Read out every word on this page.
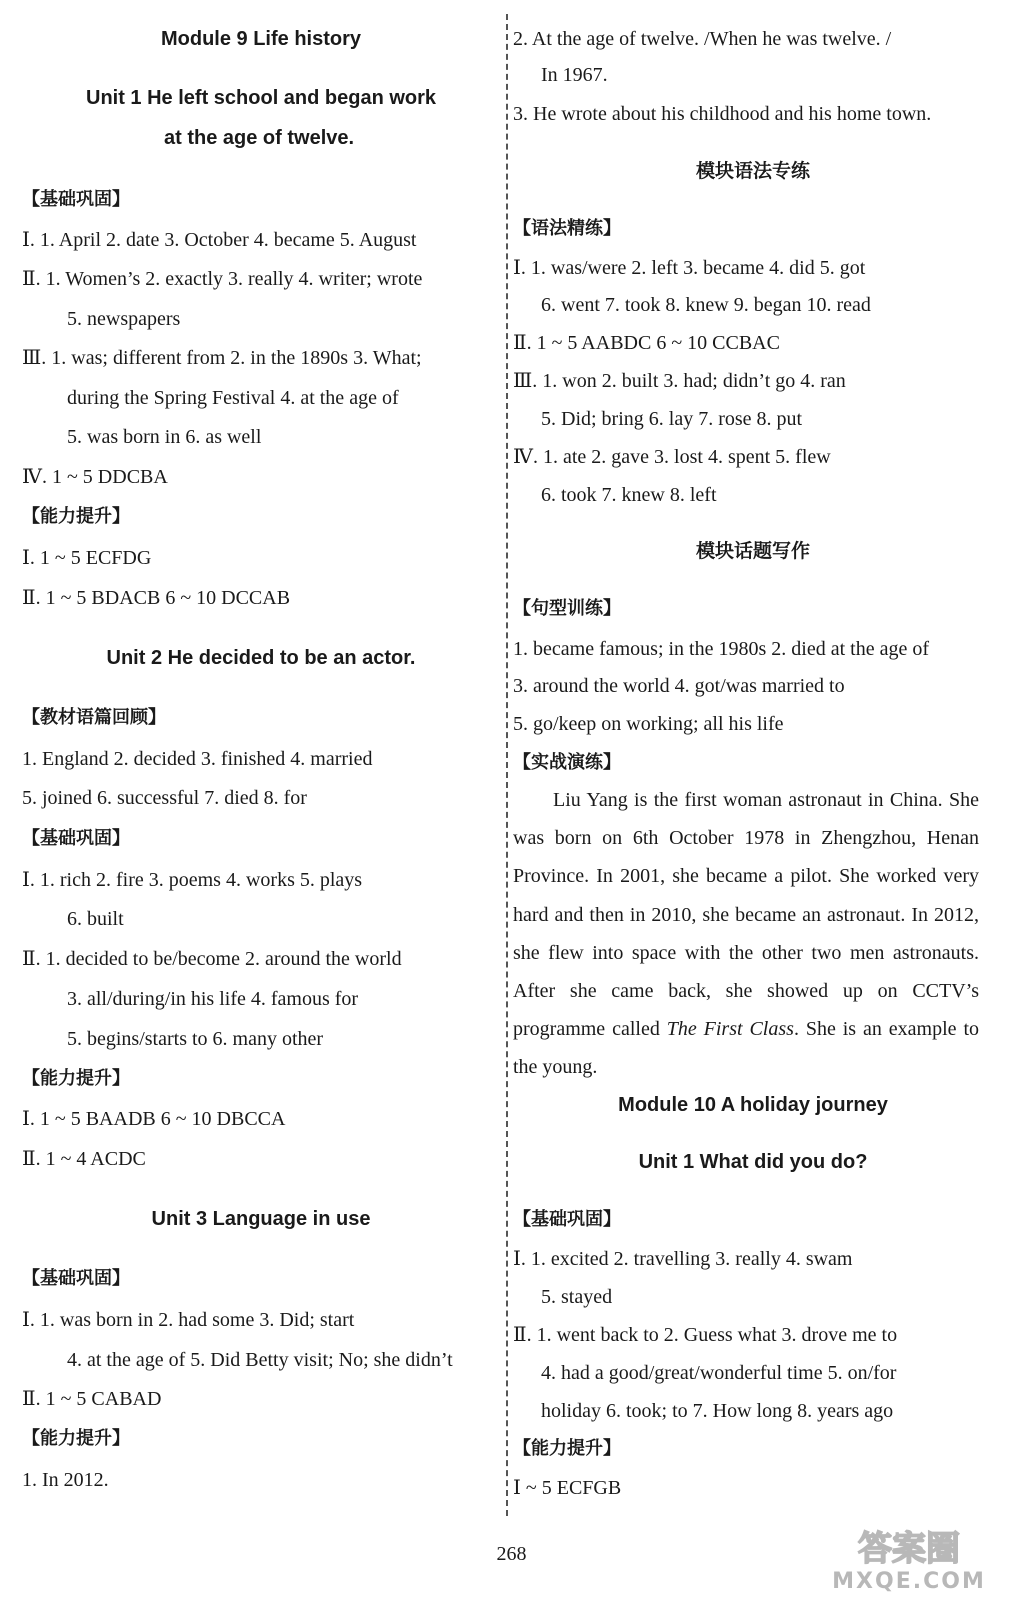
Module 9 Life history
Unit 1 He left school and began work
at the age of twelve.
【基础巩固】
Ⅰ. 1. April 2. date 3. October 4. became 5. August
Ⅱ. 1. Women’s 2. exactly 3. really 4. writer; wrote
5. newspapers
Ⅲ. 1. was; different from 2. in the 1890s 3. What;
during the Spring Festival 4. at the age of
5. was born in 6. as well
Ⅳ. 1 ~ 5 DDCBA
【能力提升】
Ⅰ. 1 ~ 5 ECFDG
Ⅱ. 1 ~ 5 BDACB 6 ~ 10 DCCAB
Unit 2 He decided to be an actor.
【教材语篇回顾】
1. England 2. decided 3. finished 4. married
5. joined 6. successful 7. died 8. for
【基础巩固】
Ⅰ. 1. rich 2. fire 3. poems 4. works 5. plays
6. built
Ⅱ. 1. decided to be/become 2. around the world
3. all/during/in his life 4. famous for
5. begins/starts to 6. many other
【能力提升】
Ⅰ. 1 ~ 5 BAADB 6 ~ 10 DBCCA
Ⅱ. 1 ~ 4 ACDC
Unit 3 Language in use
【基础巩固】
Ⅰ. 1. was born in 2. had some 3. Did; start
4. at the age of 5. Did Betty visit; No; she didn’t
Ⅱ. 1 ~ 5 CABAD
【能力提升】
1. In 2012.
2. At the age of twelve. /When he was twelve. /
In 1967.
3. He wrote about his childhood and his home town.
模块语法专练
【语法精练】
Ⅰ. 1. was/were 2. left 3. became 4. did 5. got
6. went 7. took 8. knew 9. began 10. read
Ⅱ. 1 ~ 5 AABDC 6 ~ 10 CCBAC
Ⅲ. 1. won 2. built 3. had; didn’t go 4. ran
5. Did; bring 6. lay 7. rose 8. put
Ⅳ. 1. ate 2. gave 3. lost 4. spent 5. flew
6. took 7. knew 8. left
模块话题写作
【句型训练】
1. became famous; in the 1980s 2. died at the age of
3. around the world 4. got/was married to
5. go/keep on working; all his life
【实战演练】

Liu Yang is the first woman astronaut in China. She was born on 6th October 1978 in Zhengzhou, Henan Province. In 2001, she became a pilot. She worked very hard and then in 2010, she became an astronaut. In 2012, she flew into space with the other two men astronauts. After she came back, she showed up on CCTV’s programme called The First Class. She is an example to the young.

Module 10 A holiday journey
Unit 1 What did you do?
【基础巩固】
Ⅰ. 1. excited 2. travelling 3. really 4. swam
5. stayed
Ⅱ. 1. went back to 2. Guess what 3. drove me to
4. had a good/great/wonderful time 5. on/for
holiday 6. took; to 7. How long 8. years ago
【能力提升】
Ⅰ ~ 5 ECFGB
268	答案圈
MXQE.COM
